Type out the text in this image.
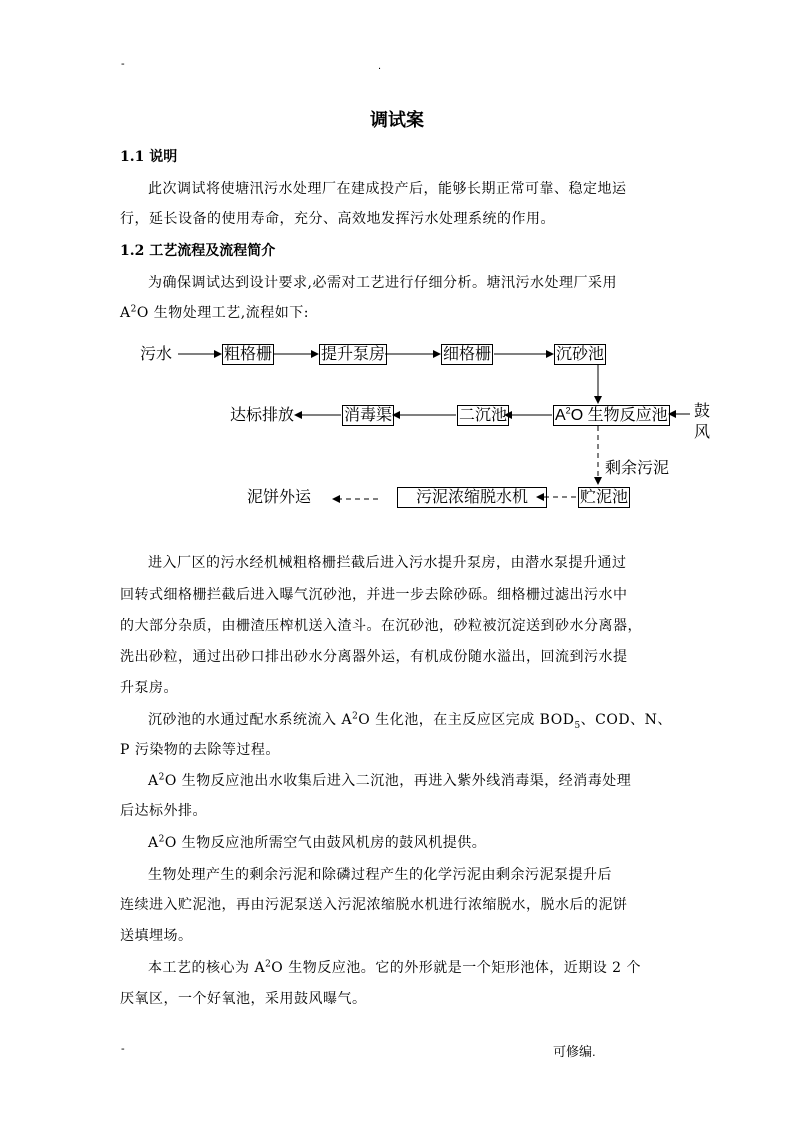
-	.
调试案
1.1 说明
此次调试将使塘汛污水处理厂在建成投产后，能够长期正常可靠、稳定地运
行，延长设备的使用寿命，充分、高效地发挥污水处理系统的作用。
1.2 工艺流程及流程简介
为确保调试达到设计要求,必需对工艺进行仔细分析。塘汛污水处理厂采用
$A^2O$ 生物处理工艺,流程如下:
污水	粗格栅	提升泵房	细格栅	沉砂池
$A^2O$ 生物反应池 鼓
风
二沉池
消毒渠
达标排放
剩余污泥
贮泥池
污泥浓缩脱水机
泥饼外运
进入厂区的污水经机械粗格栅拦截后进入污水提升泵房，由潜水泵提升通过
回转式细格栅拦截后进入曝气沉砂池，并进一步去除砂砾。细格栅过滤出污水中
的大部分杂质，由栅渣压榨机送入渣斗。在沉砂池，砂粒被沉淀送到砂水分离器，
洗出砂粒，通过出砂口排出砂水分离器外运，有机成份随水溢出，回流到污水提
升泵房。
沉砂池的水通过配水系统流入 $A^2O$ 生化池，在主反应区完成 $BOD_5$、COD、N、
P 污染物的去除等过程。
$A^2O$ 生物反应池出水收集后进入二沉池，再进入紫外线消毒渠，经消毒处理
后达标外排。
$A^2O$ 生物反应池所需空气由鼓风机房的鼓风机提供。
生物处理产生的剩余污泥和除磷过程产生的化学污泥由剩余污泥泵提升后
连续进入贮泥池，再由污泥泵送入污泥浓缩脱水机进行浓缩脱水，脱水后的泥饼
送填埋场。
本工艺的核心为 $A^2O$ 生物反应池。它的外形就是一个矩形池体，近期设 2 个
厌氧区，一个好氧池，采用鼓风曝气。
-	可修编.
